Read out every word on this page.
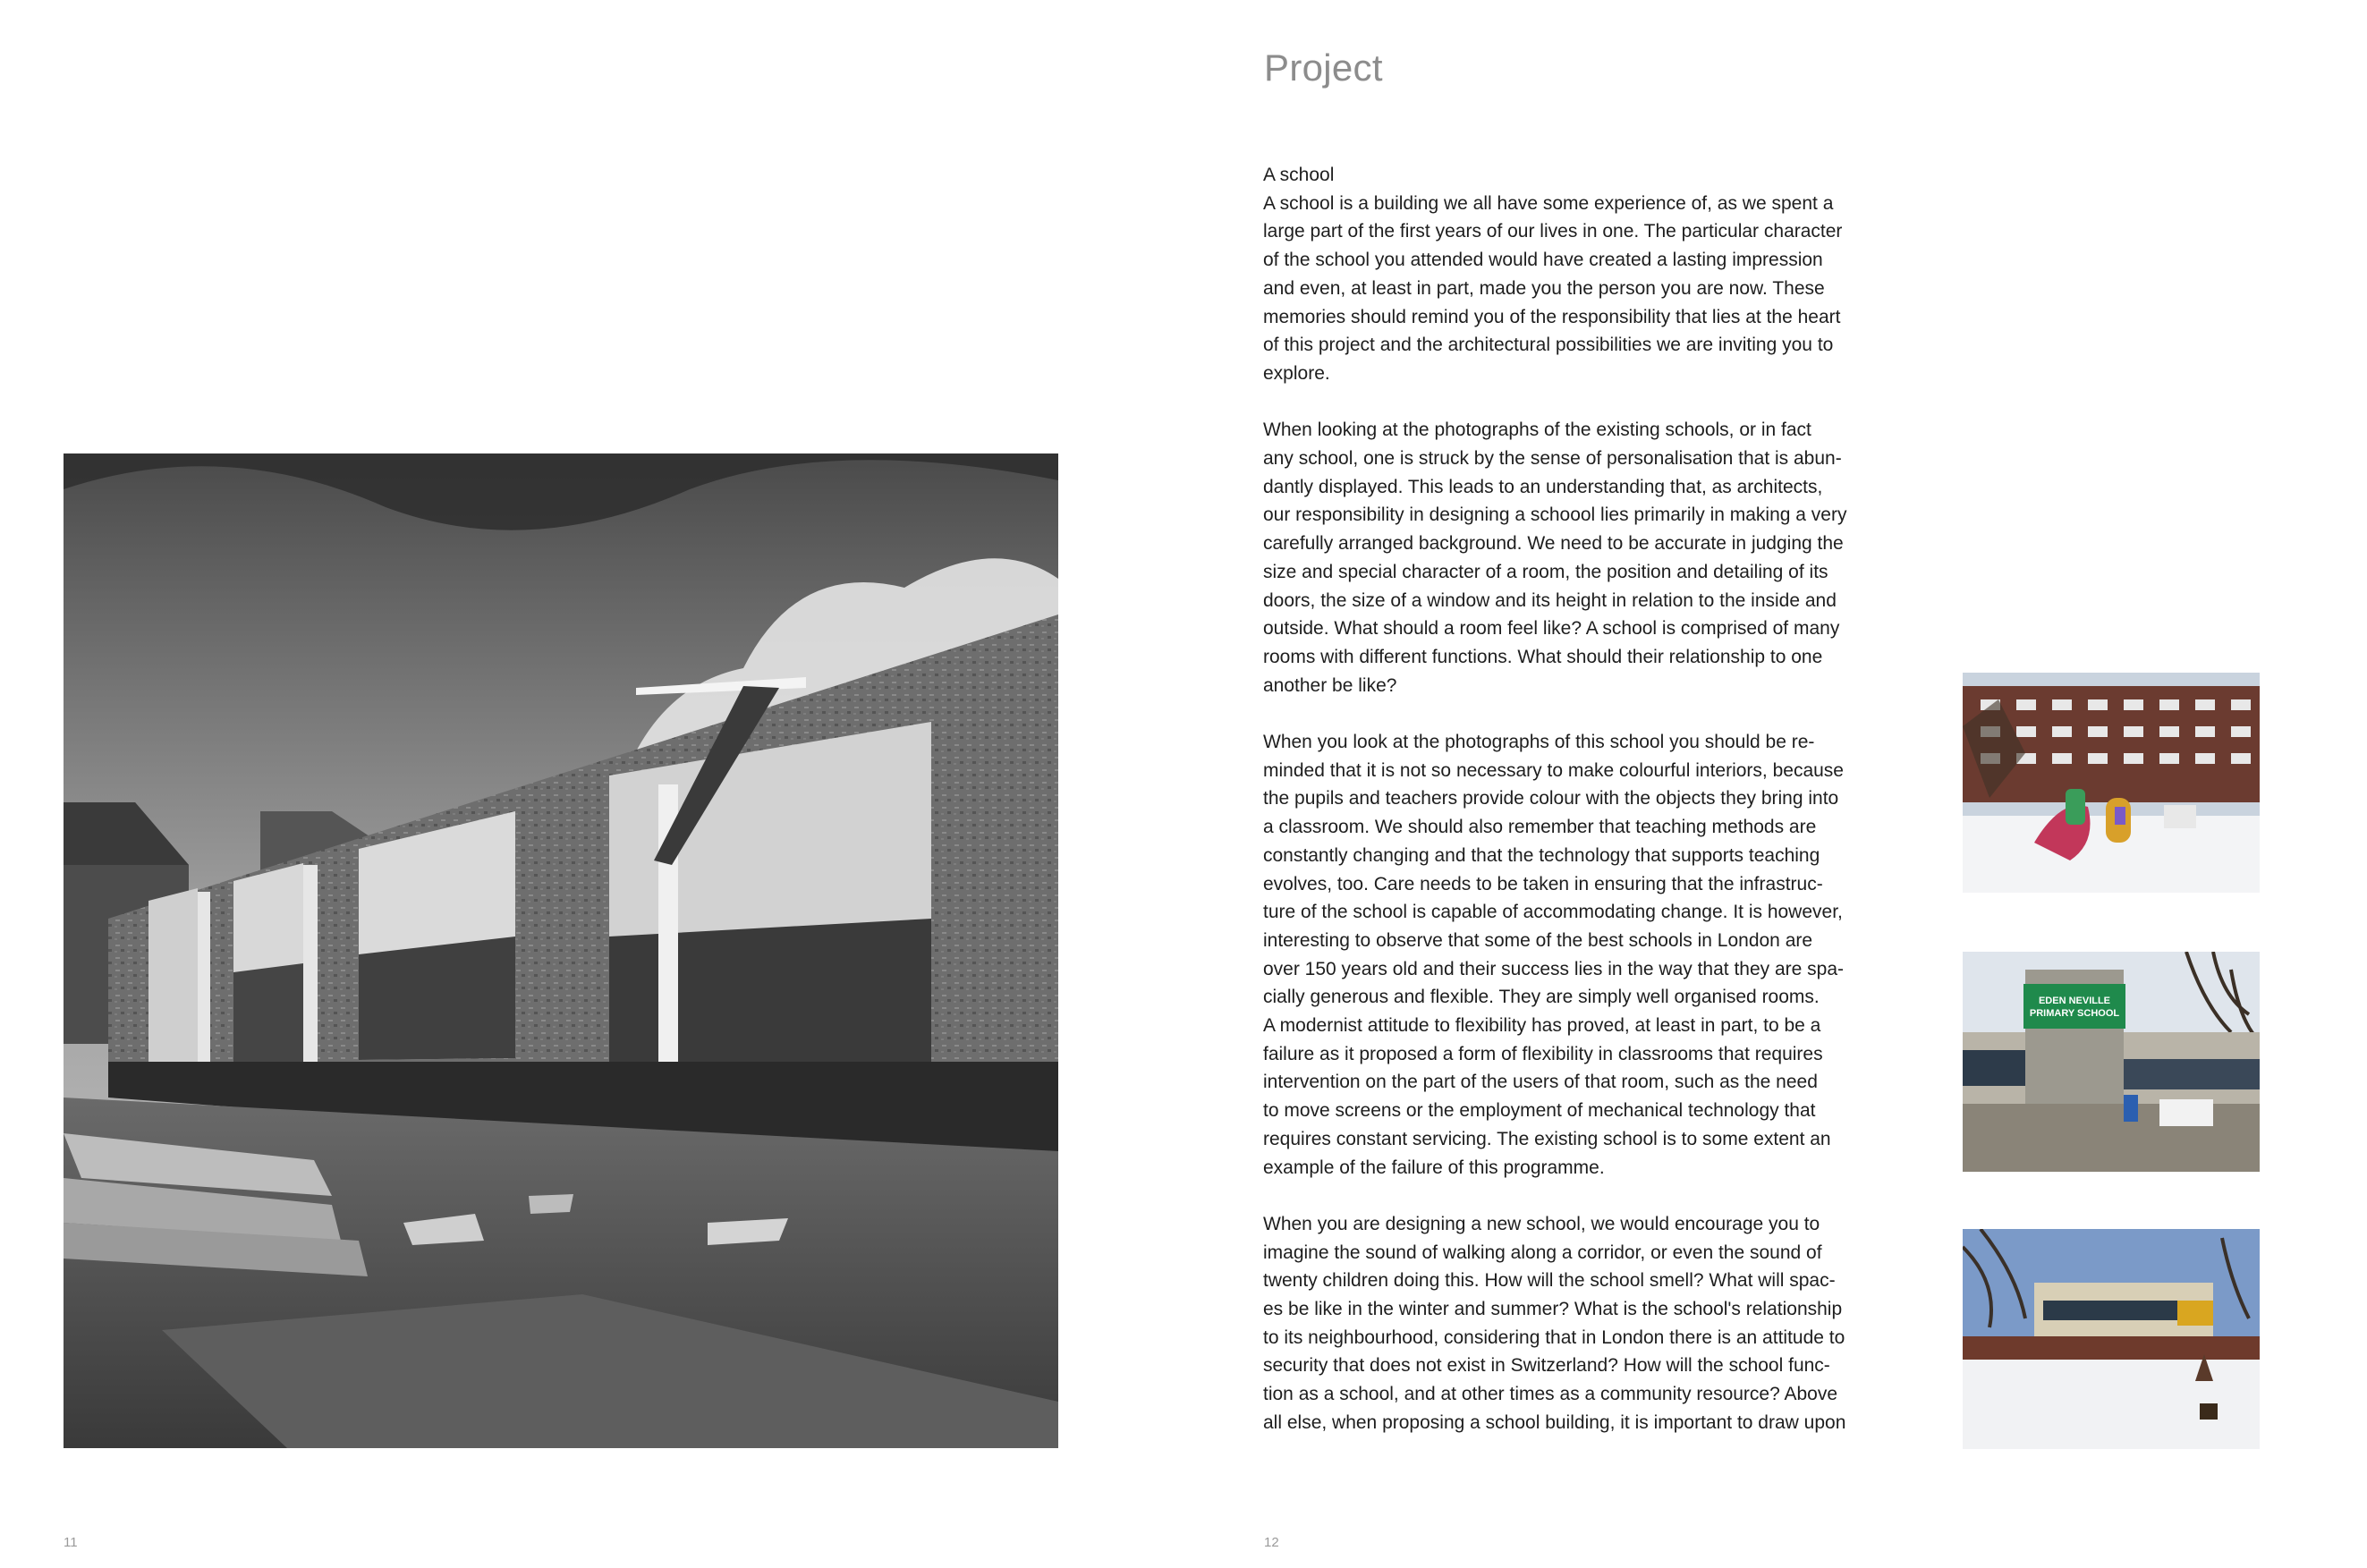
11
Project

A school
A school is a building we all have some experience of, as we spent a
large part of the first years of our lives in one. The particular character
of the school you attended would have created a lasting impression
and even, at least in part, made you the person you are now. These
memories should remind you of the responsibility that lies at the heart
of this project and the architectural possibilities we are inviting you to
explore.

When looking at the photographs of the existing schools, or in fact
any school, one is struck by the sense of personalisation that is abun-
dantly displayed. This leads to an understanding that, as architects,
our responsibility in designing a schoool lies primarily in making a very
carefully arranged background. We need to be accurate in judging the
size and special character of a room, the position and detailing of its
doors, the size of a window and its height in relation to the inside and
outside. What should a room feel like? A school is comprised of many
rooms with different functions. What should their relationship to one
another be like?

When you look at the photographs of this school you should be re-
minded that it is not so necessary to make colourful interiors, because
the pupils and teachers provide colour with the objects they bring into
a classroom. We should also remember that teaching methods are
constantly changing and that the technology that supports teaching
evolves, too. Care needs to be taken in ensuring that the infrastruc-
ture of the school is capable of accommodating change. It is however,
interesting to observe that some of the best schools in London are
over 150 years old and their success lies in the way that they are spa-
cially generous and flexible. They are simply well organised rooms.
A modernist attitude to flexibility has proved, at least in part, to be a
failure as it proposed a form of flexibility in classrooms that requires
intervention on the part of the users of that room, such as the need
to move screens or the employment of mechanical technology that
requires constant servicing. The existing school is to some extent an
example of the failure of this programme.

When you are designing a new school, we would encourage you to
imagine the sound of walking along a corridor, or even the sound of
twenty children doing this. How will the school smell? What will spac-
es be like in the winter and summer? What is the school's relationship
to its neighbourhood, considering that in London there is an attitude to
security that does not exist in Switzerland? How will the school func-
tion as a school, and at other times as a community resource? Above
all else, when proposing a school building, it is important to draw upon

EDEN NEVILLE
PRIMARY SCHOOL
12
